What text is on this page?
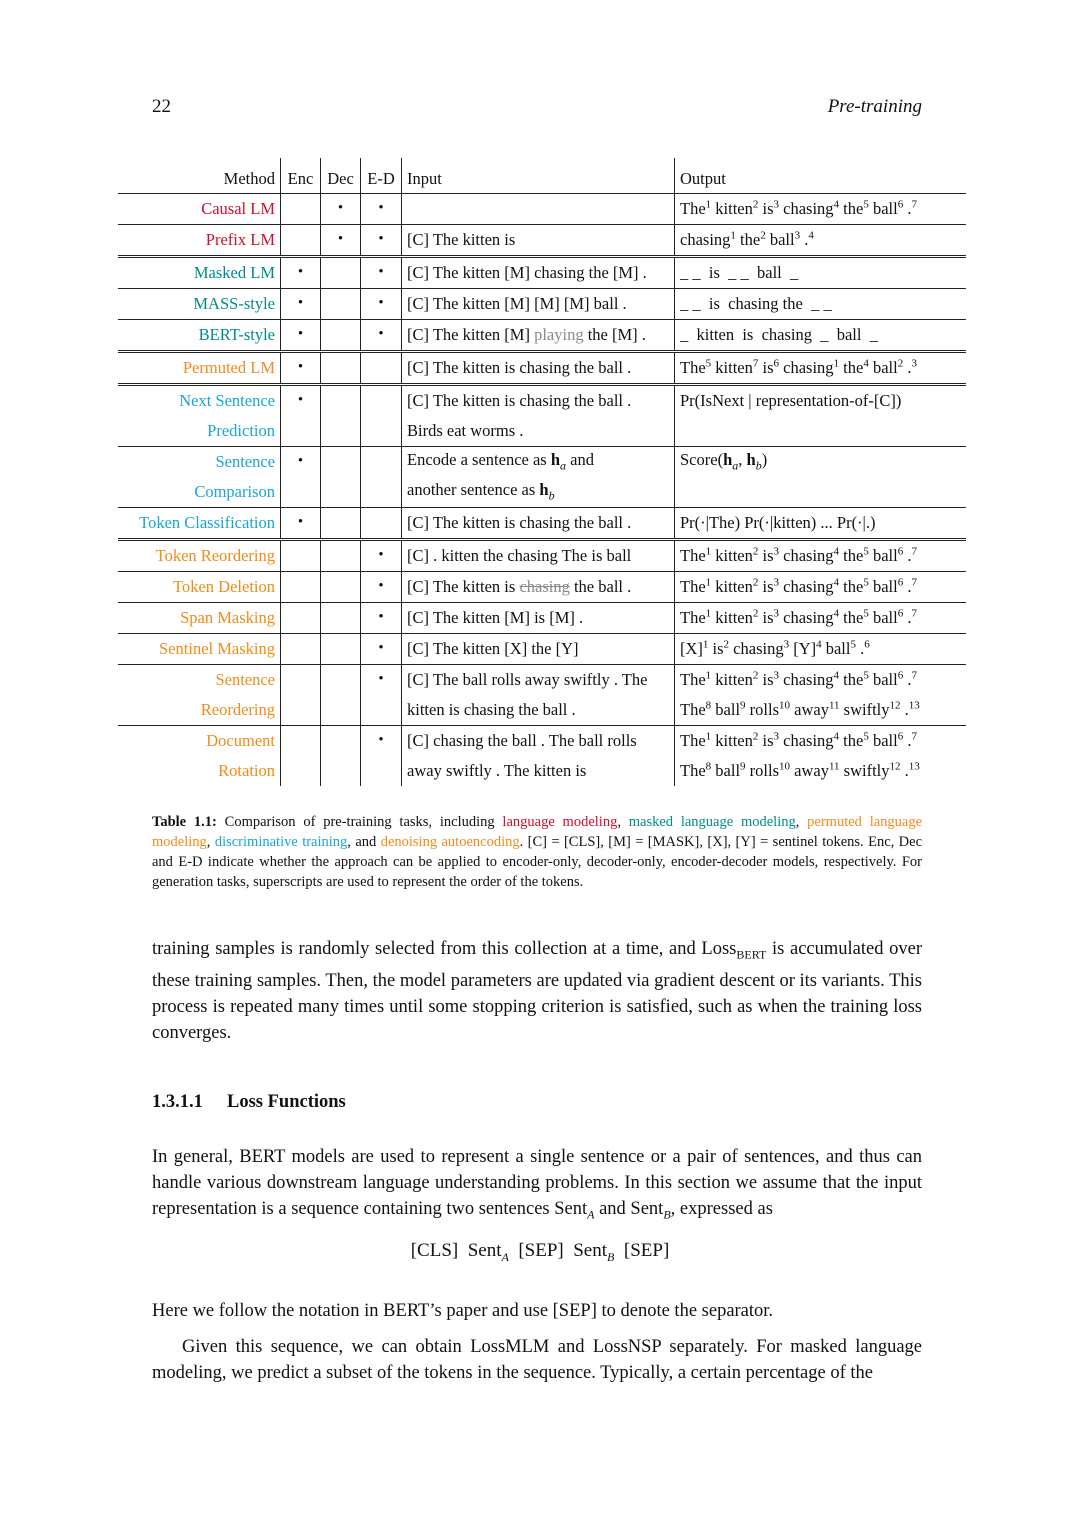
22	Pre-training
Method	Enc	Dec	E-D	Input	Output
Causal LM		•	•		The$^1$ kitten$^2$ $is^3$ chasing$^4$ the$^5$ ball$^6$ .$^7$
Prefix LM		•	•	[C] The kitten is	chasing$^1$ the$^2$ ball$^3$ .$^4$
Masked LM	•		•	[C] The kitten [M] chasing the [M] .	_ _  is  _ _  ball  _
MASS-style	•		•	[C] The kitten [M] [M] [M] ball .	_ _  is  chasing the  _ _
BERT-style	•		•	[C] The kitten [M] playing the [M] .	_  kitten  is  chasing  _  ball  _
Permuted LM	•			[C] The kitten is chasing the ball .	The$^5$ kitten$^7$ $is^6$ chasing$^1$ the$^4$ ball$^2$ .$^3$
Next Sentence	•			[C] The kitten is chasing the ball .	Pr(IsNext | representation-of-[C])
Prediction				Birds eat worms .	
Sentence	•			Encode a sentence as $h_a$ and	$Score(h_a$, $h_b$)
Comparison				another sentence as $h_b$	
Token Classification	•			[C] The kitten is chasing the ball .	Pr(·|The) Pr(·|kitten) ... Pr(·|.)
Token Reordering			•	[C] . kitten the chasing The is ball	The$^1$ kitten$^2$ $is^3$ chasing$^4$ the$^5$ ball$^6$ .$^7$
Token Deletion			•	[C] The kitten is chasing the ball .	The$^1$ kitten$^2$ $is^3$ chasing$^4$ the$^5$ ball$^6$ .$^7$
Span Masking			•	[C] The kitten [M] is [M] .	The$^1$ kitten$^2$ $is^3$ chasing$^4$ the$^5$ ball$^6$ .$^7$
Sentinel Masking			•	[C] The kitten [X] the [Y]	$[X]^1$ $is^2$ chasing$^3$ $[Y]^4$ ball$^5$ .$^6$
Sentence			•	[C] The ball rolls away swiftly . The	The$^1$ kitten$^2$ $is^3$ chasing$^4$ the$^5$ ball$^6$ .$^7$
Reordering				kitten is chasing the ball .	The$^8$ ball$^9$ rolls$^{10}$ away$^{11}$ swiftly$^{12}$ .$^{13}$
Document			•	[C] chasing the ball . The ball rolls	The$^1$ kitten$^2$ $is^3$ chasing$^4$ the$^5$ ball$^6$ .$^7$
Rotation				away swiftly . The kitten is	The$^8$ ball$^9$ rolls$^{10}$ away$^{11}$ swiftly$^{12}$ .$^{13}$
Table 1.1: Comparison of pre-training tasks, including language modeling, masked language modeling, permuted language modeling, discriminative training, and denoising autoencoding. [C] = [CLS], [M] = [MASK], [X], [Y] = sentinel tokens. Enc, Dec and E-D indicate whether the approach can be applied to encoder-only, decoder-only, encoder-decoder models, respectively. For generation tasks, superscripts are used to represent the order of the tokens.
training samples is randomly selected from this collection at a time, and Loss$_{BERT}$ is accumulated over these training samples. Then, the model parameters are updated via gradient descent or its variants. This process is repeated many times until some stopping criterion is satisfied, such as when the training loss converges.
1.3.1.1 Loss Functions
In general, BERT models are used to represent a single sentence or a pair of sentences, and thus can handle various downstream language understanding problems. In this section we assume that the input representation is a sequence containing two sentences Sent$_A$ and Sent$_B$, expressed as
[CLS]  Sent$_A$  [SEP]  Sent$_B$  [SEP]
Here we follow the notation in BERT’s paper and use [SEP] to denote the separator.
Given this sequence, we can obtain LossMLM and LossNSP separately. For masked language modeling, we predict a subset of the tokens in the sequence. Typically, a certain percentage of the
